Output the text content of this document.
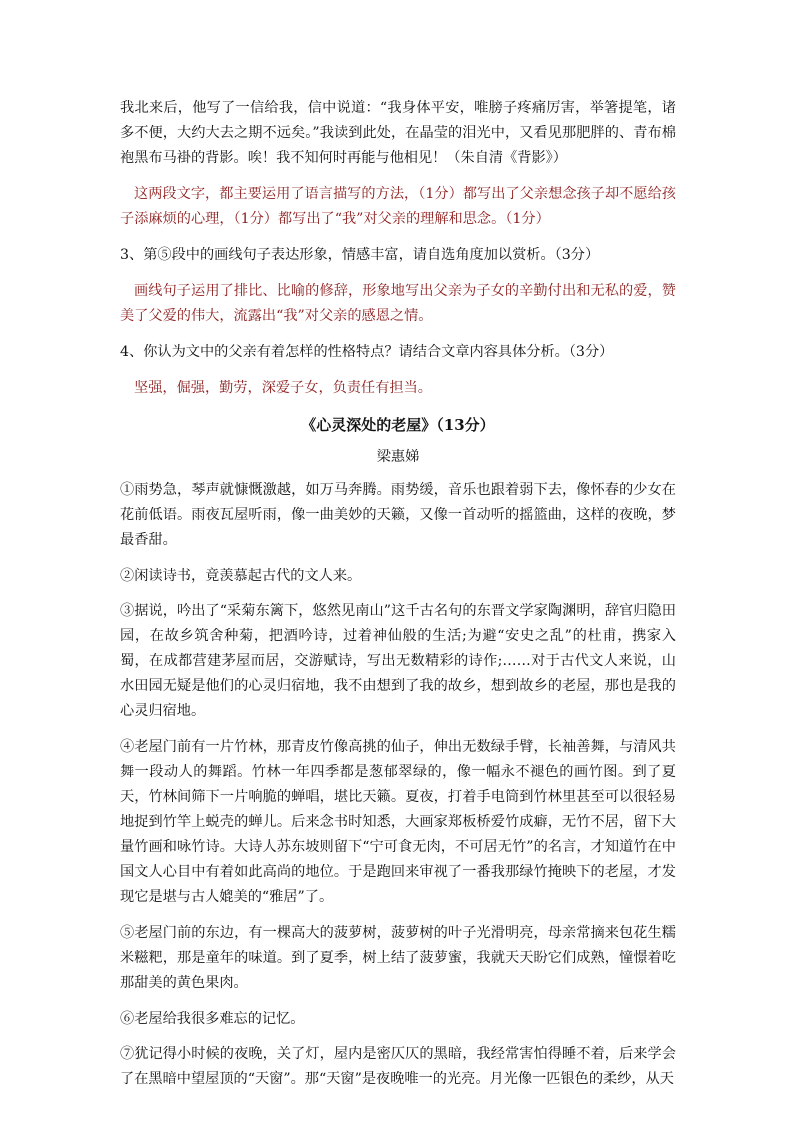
我北来后，他写了一信给我，信中说道：“我身体平安，唯膀子疼痛厉害，举箸提笔，诸多不便，大约大去之期不远矣。”我读到此处，在晶莹的泪光中，又看见那肥胖的、青布棉袍黑布马褂的背影。唉！我不知何时再能与他相见！（朱自清《背影》）

这两段文字，都主要运用了语言描写的方法，（1分）都写出了父亲想念孩子却不愿给孩子添麻烦的心理，（1分）都写出了“我”对父亲的理解和思念。（1分）

3、第⑤段中的画线句子表达形象，情感丰富，请自选角度加以赏析。（3分）

画线句子运用了排比、比喻的修辞，形象地写出父亲为子女的辛勤付出和无私的爱，赞美了父爱的伟大，流露出“我”对父亲的感恩之情。

4、你认为文中的父亲有着怎样的性格特点？请结合文章内容具体分析。（3分）

坚强，倔强，勤劳，深爱子女，负责任有担当。

《心灵深处的老屋》（13分）
梁惠娣

①雨势急，琴声就慷慨激越，如万马奔腾。雨势缓，音乐也跟着弱下去，像怀春的少女在花前低语。雨夜瓦屋听雨，像一曲美妙的天籁，又像一首动听的摇篮曲，这样的夜晚，梦最香甜。

②闲读诗书，竟羡慕起古代的文人来。

③据说，吟出了“采菊东篱下，悠然见南山”这千古名句的东晋文学家陶渊明，辞官归隐田园，在故乡筑舍种菊，把酒吟诗，过着神仙般的生活;为避“安史之乱”的杜甫，携家入蜀，在成都营建茅屋而居，交游赋诗，写出无数精彩的诗作;……对于古代文人来说，山水田园无疑是他们的心灵归宿地，我不由想到了我的故乡，想到故乡的老屋，那也是我的心灵归宿地。

④老屋门前有一片竹林，那青皮竹像高挑的仙子，伸出无数绿手臂，长袖善舞，与清风共舞一段动人的舞蹈。竹林一年四季都是葱郁翠绿的，像一幅永不褪色的画竹图。到了夏天，竹林间筛下一片响脆的蝉唱，堪比天籁。夏夜，打着手电筒到竹林里甚至可以很轻易地捉到竹竿上蜕壳的蝉儿。后来念书时知悉，大画家郑板桥爱竹成癖，无竹不居，留下大量竹画和咏竹诗。大诗人苏东坡则留下“宁可食无肉，不可居无竹”的名言，才知道竹在中国文人心目中有着如此高尚的地位。于是跑回来审视了一番我那绿竹掩映下的老屋，才发现它是堪与古人媲美的“雅居”了。

⑤老屋门前的东边，有一棵高大的菠萝树，菠萝树的叶子光滑明亮，母亲常摘来包花生糯米糍粑，那是童年的味道。到了夏季，树上结了菠萝蜜，我就天天盼它们成熟，憧憬着吃那甜美的黄色果肉。

⑥老屋给我很多难忘的记忆。

⑦犹记得小时候的夜晚，关了灯，屋内是密仄仄的黑暗，我经常害怕得睡不着，后来学会了在黑暗中望屋顶的“天窗”。那“天窗”是夜晚唯一的光亮。月光像一匹银色的柔纱，从天
